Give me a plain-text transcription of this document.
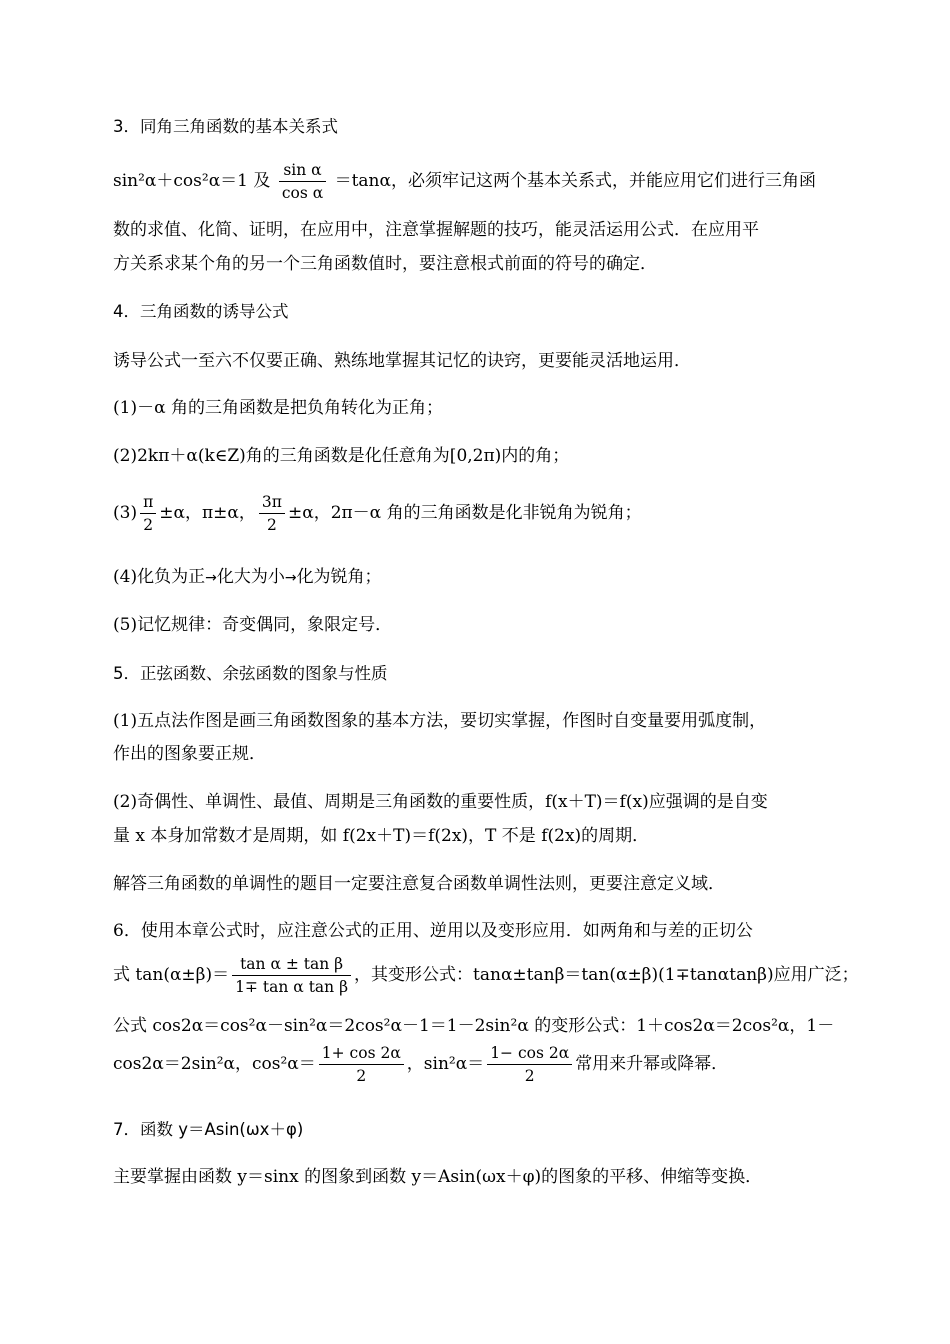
3．同角三角函数的基本关系式
sin²α＋cos²α＝1 及 $\frac{\text{sin α}}{\text{cos α}} =\tan\alpha$，必须牢记这两个基本关系式，并能应用它们进行三角函
数的求值、化简、证明，在应用中，注意掌握解题的技巧，能灵活运用公式．在应用平
方关系求某个角的另一个三角函数值时，要注意根式前面的符号的确定．
4．三角函数的诱导公式
诱导公式一至六不仅要正确、熟练地掌握其记忆的诀窍，更要能灵活地运用．
(1)－α 角的三角函数是把负角转化为正角；
(2)2kπ＋α(k∈Z)角的三角函数是化任意角为[0,2π)内的角；
$(3) \frac{\pi}{2} \pm\alpha$，π±α， $\frac{3\pi}{2} \pm\alpha$，2π－α 角的三角函数是化非锐角为锐角；
(4)化负为正→化大为小→化为锐角；
(5)记忆规律：奇变偶同，象限定号．
5．正弦函数、余弦函数的图象与性质
(1)五点法作图是画三角函数图象的基本方法，要切实掌握，作图时自变量要用弧度制，
作出的图象要正规．
(2)奇偶性、单调性、最值、周期是三角函数的重要性质，f(x＋T)＝f(x)应强调的是自变
量 x 本身加常数才是周期，如 f(2x＋T)＝f(2x)，T 不是 f(2x)的周期．
解答三角函数的单调性的题目一定要注意复合函数单调性法则，更要注意定义域．
6．使用本章公式时，应注意公式的正用、逆用以及变形应用．如两角和与差的正切公
式 $\tan(\alpha\pm\beta)= \frac{\text{tan α ± tan β}}{\text{1∓ tan α tan β}}$ ，其变形公式：tanα±tanβ＝tan(α±β)(1∓tanαtanβ)应用广泛；
公式 cos2α＝cos²α－sin²α＝2cos²α－1＝1－2sin²α 的变形公式：1＋cos2α＝2cos²α，1－
cos2α＝2sin²α，$\cos^2\alpha= \frac{1+ \cos 2\alpha}{2}$ ，$\sin^2\alpha= \frac{1- \cos 2\alpha}{2}$ 常用来升幂或降幂．
7．函数 y＝Asin(ωx＋φ)
主要掌握由函数 y＝sinx 的图象到函数 y＝Asin(ωx＋φ)的图象的平移、伸缩等变换．
